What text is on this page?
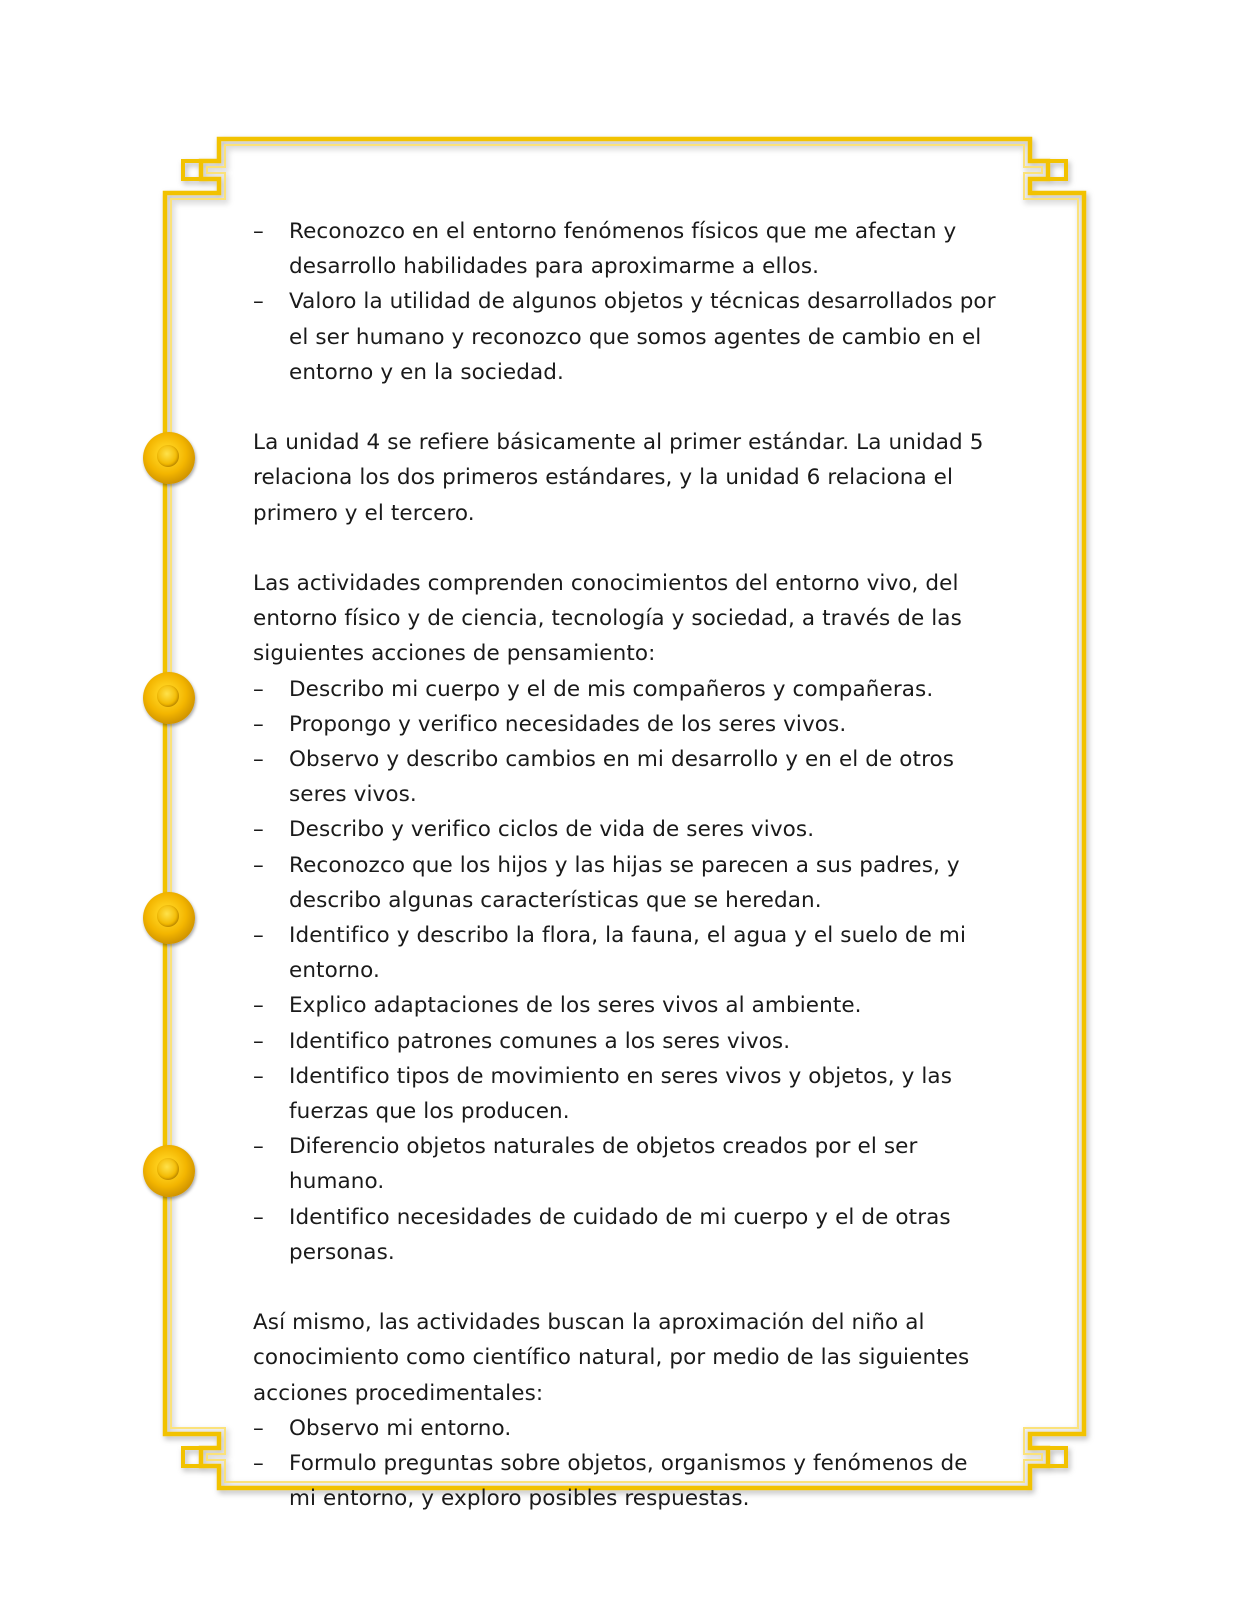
– Reconozco en el entorno fenómenos físicos que me afectan y desarrollo habilidades para aproximarme a ellos.
– Valoro la utilidad de algunos objetos y técnicas desarrollados por el ser humano y reconozco que somos agentes de cambio en el entorno y en la sociedad.

La unidad 4 se refiere básicamente al primer estándar. La unidad 5 relaciona los dos primeros estándares, y la unidad 6 relaciona el primero y el tercero.

Las actividades comprenden conocimientos del entorno vivo, del entorno físico y de ciencia, tecnología y sociedad, a través de las siguientes acciones de pensamiento:

– Describo mi cuerpo y el de mis compañeros y compañeras.
– Propongo y verifico necesidades de los seres vivos.
– Observo y describo cambios en mi desarrollo y en el de otros seres vivos.
– Describo y verifico ciclos de vida de seres vivos.
– Reconozco que los hijos y las hijas se parecen a sus padres, y describo algunas características que se heredan.
– Identifico y describo la flora, la fauna, el agua y el suelo de mi entorno.
– Explico adaptaciones de los seres vivos al ambiente.
– Identifico patrones comunes a los seres vivos.
– Identifico tipos de movimiento en seres vivos y objetos, y las fuerzas que los producen.
– Diferencio objetos naturales de objetos creados por el ser humano.
– Identifico necesidades de cuidado de mi cuerpo y el de otras personas.

Así mismo, las actividades buscan la aproximación del niño al conocimiento como científico natural, por medio de las siguientes acciones procedimentales:

– Observo mi entorno.
– Formulo preguntas sobre objetos, organismos y fenómenos de mi entorno, y exploro posibles respuestas.
